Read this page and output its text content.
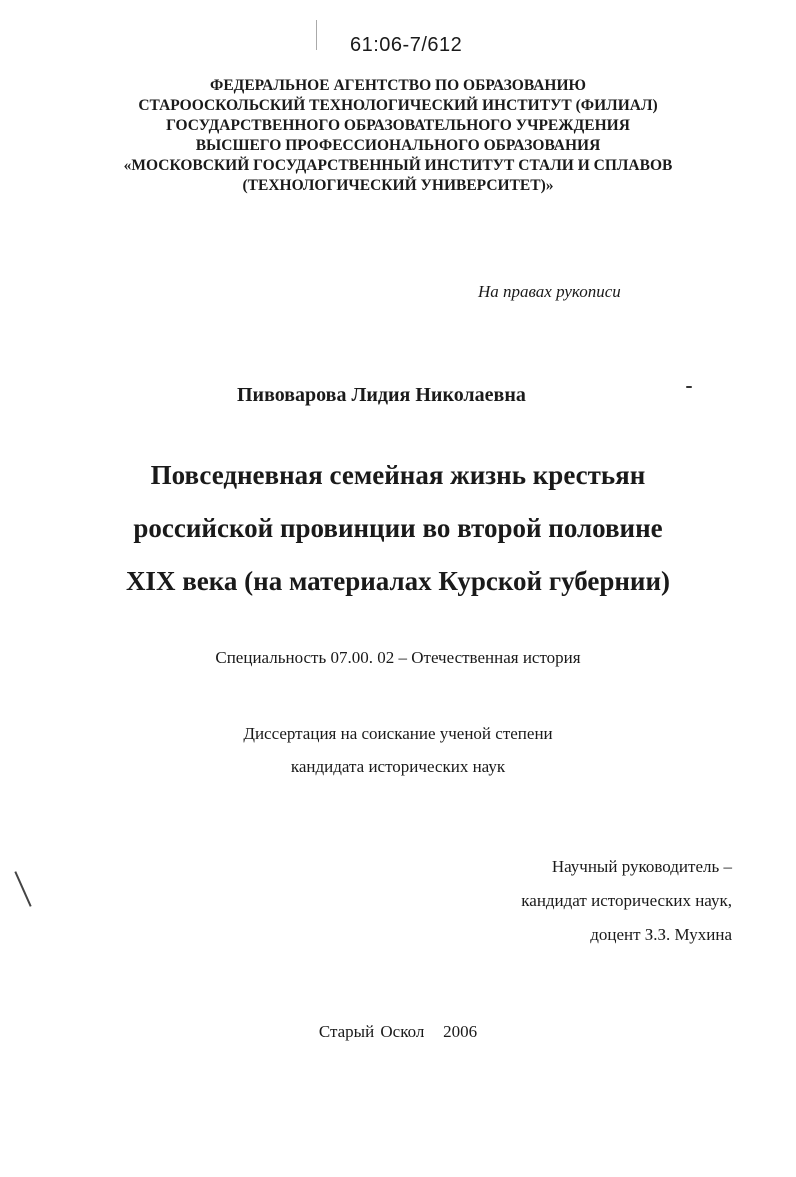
61:06-7/612
ФЕДЕРАЛЬНОЕ АГЕНТСТВО ПО ОБРАЗОВАНИЮ
СТАРООСКОЛЬСКИЙ ТЕХНОЛОГИЧЕСКИЙ ИНСТИТУТ (ФИЛИАЛ)
ГОСУДАРСТВЕННОГО ОБРАЗОВАТЕЛЬНОГО УЧРЕЖДЕНИЯ
ВЫСШЕГО ПРОФЕССИОНАЛЬНОГО ОБРАЗОВАНИЯ
«МОСКОВСКИЙ ГОСУДАРСТВЕННЫЙ ИНСТИТУТ СТАЛИ И СПЛАВОВ
(ТЕХНОЛОГИЧЕСКИЙ УНИВЕРСИТЕТ)»
На правах рукописи
Пивоварова Лидия Николаевна
Повседневная семейная жизнь крестьян
российской провинции во второй половине
XIX века (на материалах Курской губернии)
Специальность 07.00. 02 – Отечественная история
Диссертация на соискание ученой степени
кандидата исторических наук
Научный руководитель –
кандидат исторических наук,
доцент З.З. Мухина
Старый Оскол   2006
